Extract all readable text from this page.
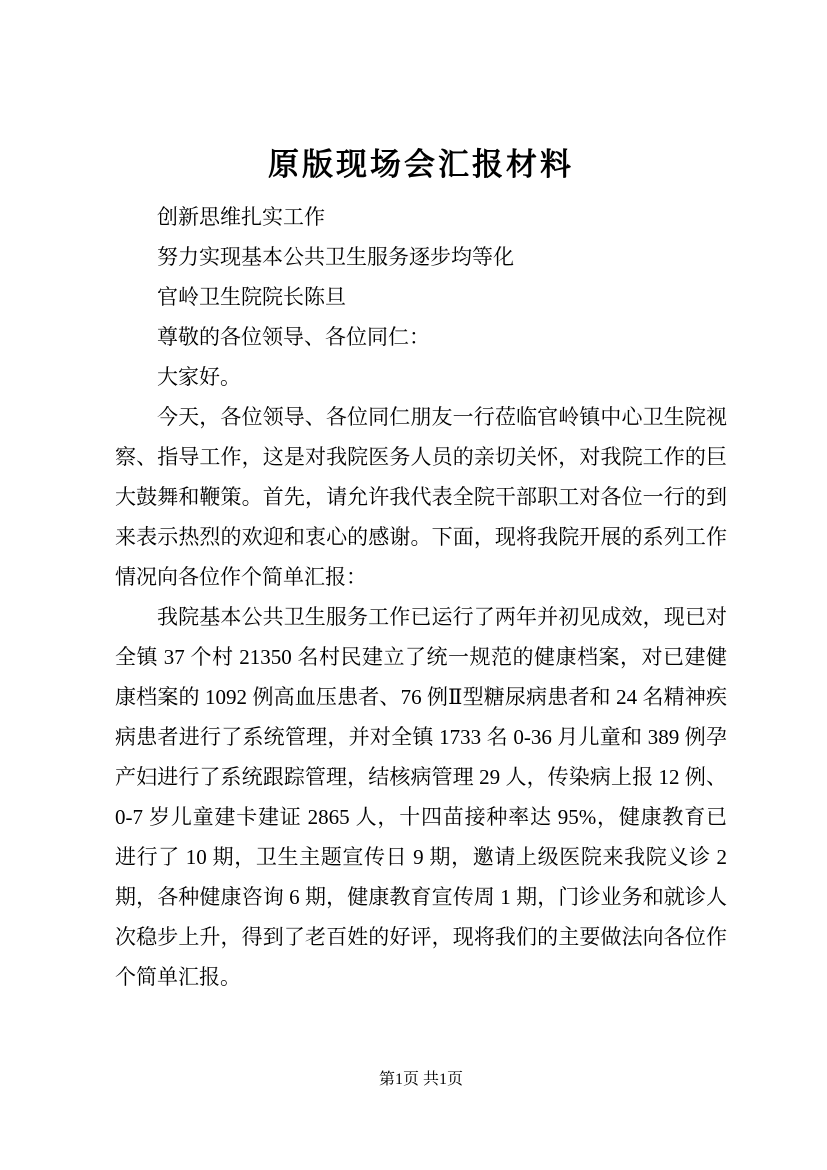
原版现场会汇报材料

创新思维扎实工作

努力实现基本公共卫生服务逐步均等化

官岭卫生院院长陈旦

尊敬的各位领导、各位同仁：

大家好。

今天，各位领导、各位同仁朋友一行莅临官岭镇中心卫生院视察、指导工作，这是对我院医务人员的亲切关怀，对我院工作的巨大鼓舞和鞭策。首先，请允许我代表全院干部职工对各位一行的到来表示热烈的欢迎和衷心的感谢。下面，现将我院开展的系列工作情况向各位作个简单汇报：

我院基本公共卫生服务工作已运行了两年并初见成效，现已对全镇 37 个村 21350 名村民建立了统一规范的健康档案，对已建健康档案的 1092 例高血压患者、76 例Ⅱ型糖尿病患者和 24 名精神疾病患者进行了系统管理，并对全镇 1733 名 0-36 月儿童和 389 例孕产妇进行了系统跟踪管理，结核病管理 29 人，传染病上报 12 例、0-7 岁儿童建卡建证 2865 人，十四苗接种率达 95%，健康教育已进行了 10 期，卫生主题宣传日 9 期，邀请上级医院来我院义诊 2 期，各种健康咨询 6 期，健康教育宣传周 1 期，门诊业务和就诊人次稳步上升，得到了老百姓的好评，现将我们的主要做法向各位作个简单汇报。

第1页 共1页
